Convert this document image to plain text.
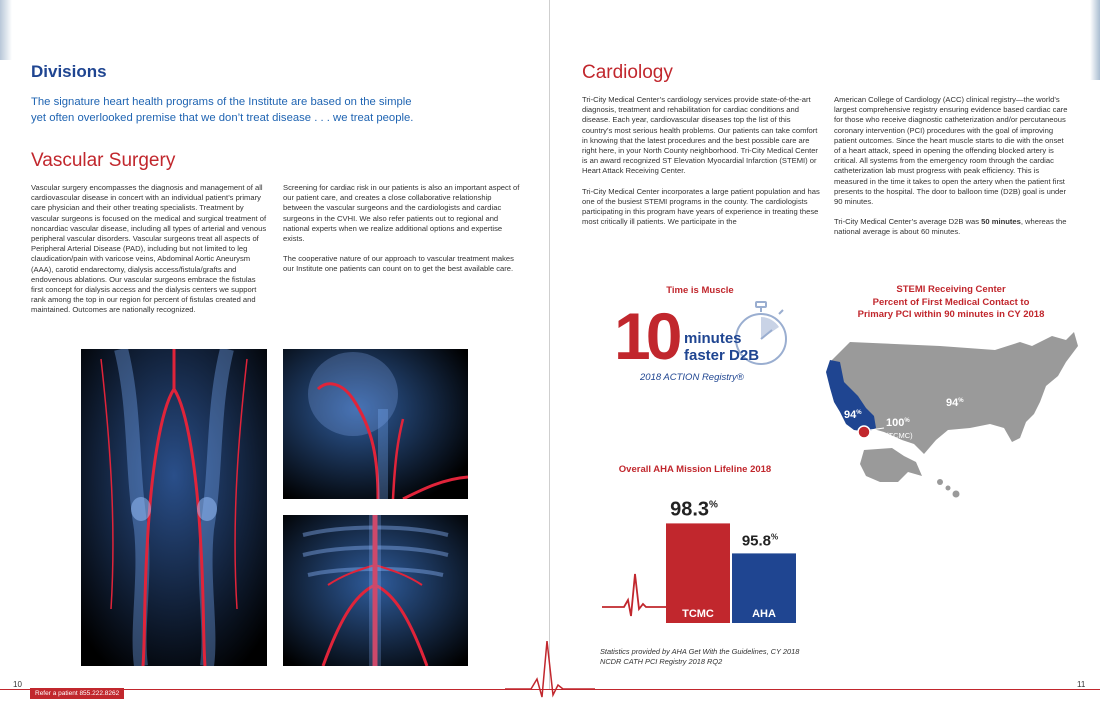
Divisions
The signature heart health programs of the Institute are based on the simple yet often overlooked premise that we don’t treat disease . . . we treat people.
Vascular Surgery
Vascular surgery encompasses the diagnosis and management of all cardiovascular disease in concert with an individual patient’s primary care physician and their other treating specialists. Treatment by vascular surgeons is focused on the medical and surgical treatment of noncardiac vascular disease, including all types of arterial and venous peripheral vascular disorders. Vascular surgeons treat all aspects of Peripheral Arterial Disease (PAD), including but not limited to leg claudication/pain with varicose veins, Abdominal Aortic Aneurysm (AAA), carotid endarectomy, dialysis access/fistula/grafts and endovenous ablations. Our vascular surgeons embrace the fistulas first concept for dialysis access and the dialysis centers we support rank among the top in our region for percent of fistulas created and maintained. Outcomes are nationally recognized.
Screening for cardiac risk in our patients is also an important aspect of our patient care, and creates a close collaborative relationship between the vascular surgeons and the cardiologists and cardiac surgeons in the CVHI. We also refer patients out to regional and national experts when we realize additional options and expertise exists.
The cooperative nature of our approach to vascular treatment makes our Institute one patients can count on to get the best available care.
Cardiology
Tri-City Medical Center’s cardiology services provide state-of-the-art diagnosis, treatment and rehabilitation for cardiac conditions and disease. Each year, cardiovascular diseases top the list of this country’s most serious health problems. Our patients can take comfort in knowing that the latest procedures and the best possible care are right here, in your North County neighborhood. Tri-City Medical Center is an award recognized ST Elevation Myocardial Infarction (STEMI) or Heart Attack Receiving Center.
Tri-City Medical Center incorporates a large patient population and has one of the busiest STEMI programs in the county. The cardiologists participating in this program have years of experience in treating these most critically ill patients. We participate in the
American College of Cardiology (ACC) clinical registry—the world’s largest comprehensive registry ensuring evidence based cardiac care for those who receive diagnostic catheterization and/or percutaneous coronary intervention (PCI) procedures with the goal of improving patient outcomes. Since the heart muscle starts to die with the onset of a heart attack, speed in opening the offending blocked artery is critical. All systems from the emergency room through the cardiac catheterization lab must progress with peak efficiency. This is measured in the time it takes to open the artery when the patient first presents to the hospital. The door to balloon time (D2B) goal is under 90 minutes.
Tri-City Medical Center’s average D2B was 50 minutes, whereas the national average is about 60 minutes.
Time is Muscle
10 minutes
faster D2B
2018 ACTION Registry®
STEMI Receiving Center
Percent of First Medical Contact to
Primary PCI within 90 minutes in CY 2018
94%
94%
100%
(TCMC)
Overall AHA Mission Lifeline 2018
TCMC
98.3%
AHA
95.8%
Statistics provided by AHA Get With the Guidelines, CY 2018
NCDR CATH PCI Registry 2018 RQ2
10
Refer a patient 855.222.8262
11
